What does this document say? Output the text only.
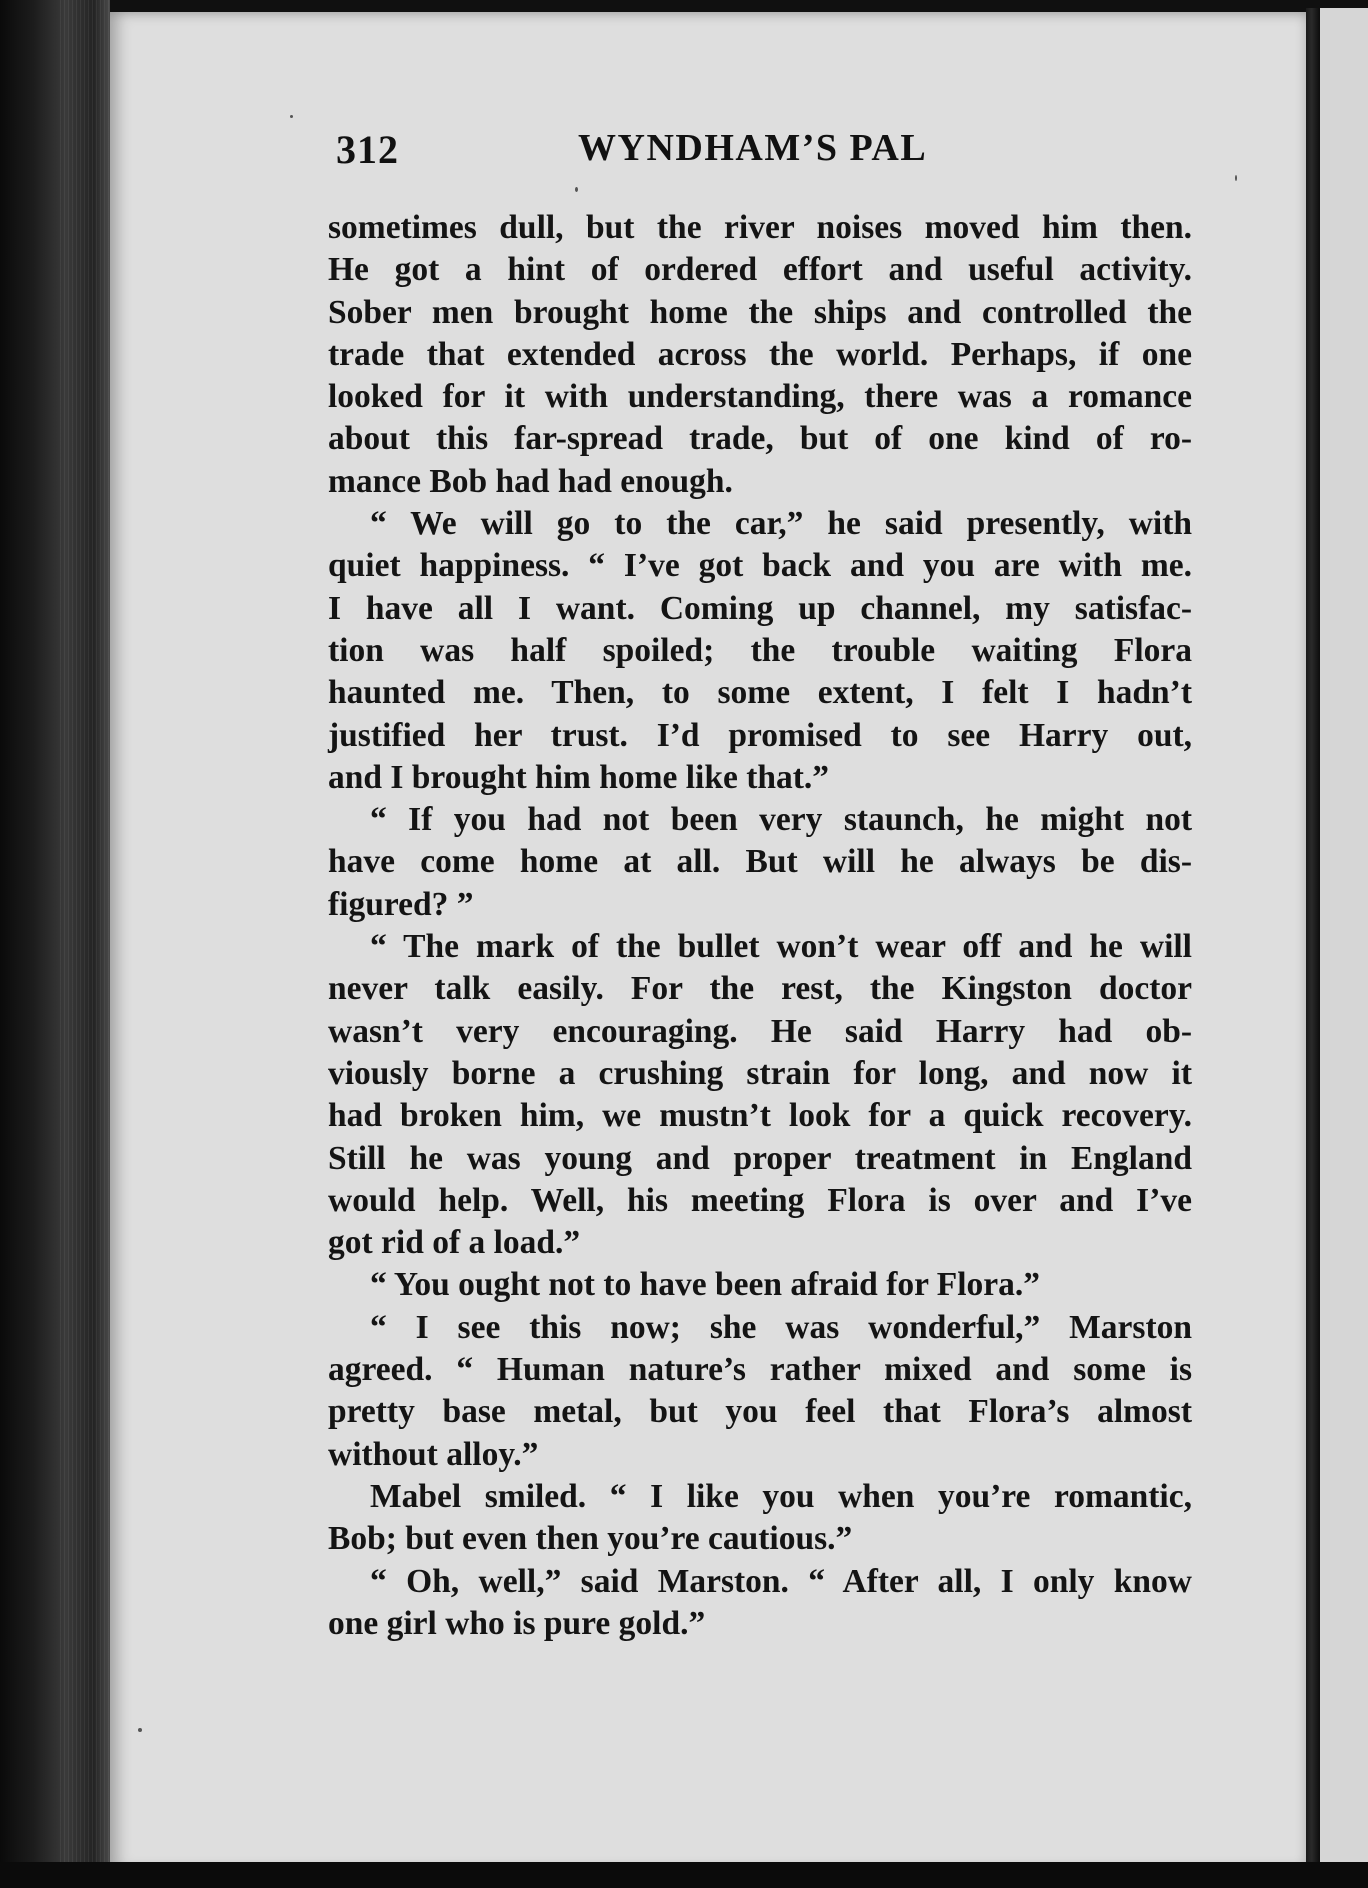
312	WYNDHAM’S PAL
sometimes dull, but the river noises moved him then.
He got a hint of ordered effort and useful activity.
Sober men brought home the ships and controlled the
trade that extended across the world. Perhaps, if one
looked for it with understanding, there was a romance
about this far-spread trade, but of one kind of ro-
mance Bob had had enough.
“ We will go to the car,” he said presently, with
quiet happiness. “ I’ve got back and you are with me.
I have all I want. Coming up channel, my satisfac-
tion was half spoiled; the trouble waiting Flora
haunted me. Then, to some extent, I felt I hadn’t
justified her trust. I’d promised to see Harry out,
and I brought him home like that.”
“ If you had not been very staunch, he might not
have come home at all. But will he always be dis-
figured? ”
“ The mark of the bullet won’t wear off and he will
never talk easily. For the rest, the Kingston doctor
wasn’t very encouraging. He said Harry had ob-
viously borne a crushing strain for long, and now it
had broken him, we mustn’t look for a quick recovery.
Still he was young and proper treatment in England
would help. Well, his meeting Flora is over and I’ve
got rid of a load.”
“ You ought not to have been afraid for Flora.”
“ I see this now; she was wonderful,” Marston
agreed. “ Human nature’s rather mixed and some is
pretty base metal, but you feel that Flora’s almost
without alloy.”
Mabel smiled. “ I like you when you’re romantic,
Bob; but even then you’re cautious.”
“ Oh, well,” said Marston. “ After all, I only know
one girl who is pure gold.”
